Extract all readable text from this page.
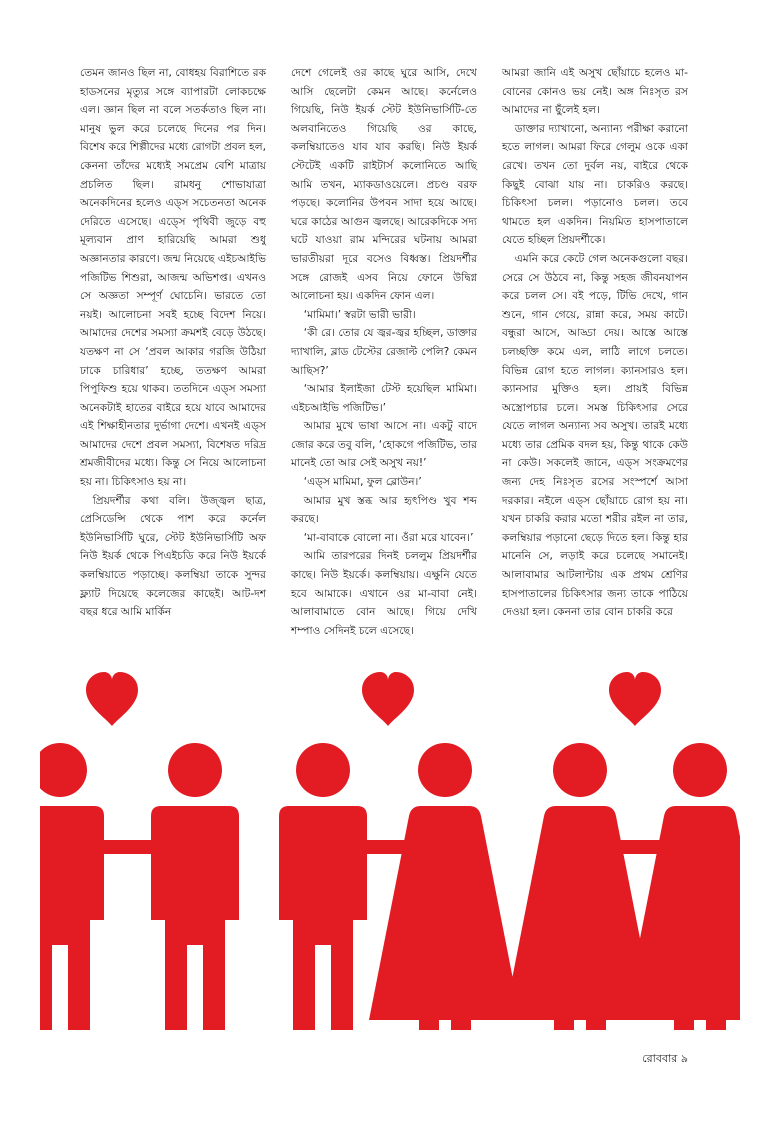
তেমন জানও ছিল না, বোধহয় বিরাশিতে রক হাডসনের মৃত্যুর সঙ্গে ব্যাপারটা লোকচক্ষে এল। জ্ঞান ছিল না বলে সতর্কতাও ছিল না। মানুষ ভুল করে চলেছে দিনের পর দিন। বিশেষ করে শিল্পীদের মধ্যে রোগটা প্রবল হল, কেননা তাঁদের মধ্যেই সমপ্রেম বেশি মাত্রায় প্রচলিত ছিল। রামধনু শোভাযাত্রা অনেকদিনের হলেও এড্স সচেতনতা অনেক দেরিতে এসেছে। এড্সে পৃথিবী জুড়ে বহু মূল্যবান প্রাণ হারিয়েছি আমরা শুধু অজ্ঞানতার কারণে। জন্ম নিয়েছে এইচআইভি পজিটিভ শিশুরা, আজন্ম অভিশপ্ত। এখনও সে অজ্ঞতা সম্পূর্ণ ঘোচেনি। ভারতে তো নয়ই। আলোচনা সবই হচ্ছে বিদেশ নিয়ে। আমাদের দেশের সমস্যা ক্রমশই বেড়ে উঠছে। যতক্ষণ না সে ‘প্রবল আকার গরজি উঠিয়া ঢাকে চারিধার’ হচ্ছে, ততক্ষণ আমরা পিপুফিশু হয়ে থাকব। ততদিনে এড্স সমস্যা অনেকটাই হাতের বাইরে হয়ে যাবে আমাদের এই শিক্ষাহীনতার দুর্ভাগা দেশে। এখনই এড্স আমাদের দেশে প্রবল সমস্যা, বিশেষত দরিদ্র শ্রমজীবীদের মধ্যে। কিন্তু সে নিয়ে আলোচনা হয় না। চিকিৎসাও হয় না।

প্রিয়দর্শীর কথা বলি। উজ্জ্বল ছাত্র, প্রেসিডেন্সি থেকে পাশ করে কর্নেল ইউনিভার্সিটি ঘুরে, স্টেট ইউনিভার্সিটি অফ নিউ ইয়র্ক থেকে পিএইচডি করে নিউ ইয়র্কে কলম্বিয়াতে পড়াচ্ছে। কলম্বিয়া তাকে সুন্দর ফ্ল্যাট দিয়েছে কলেজের কাছেই। আট-দশ বছর ধরে আমি মার্কিন

দেশে গেলেই ওর কাছে ঘুরে আসি, দেখে আসি ছেলেটা কেমন আছে। কর্নেলেও গিয়েছি, নিউ ইয়র্ক স্টেট ইউনিভার্সিটি-তে অলবানিতেও গিয়েছি ওর কাছে, কলম্বিয়াতেও যাব যাব করছি। নিউ ইয়র্ক স্টেটেই একটি রাইটার্স কলোনিতে আছি আমি তখন, ম্যাকডাওয়েলে। প্রচণ্ড বরফ পড়ছে। কলোনির উপবন সাদা হয়ে আছে। ঘরে কাঠের আগুন জ্বলছে। আরেকদিকে সদ্য ঘটে যাওয়া রাম মন্দিরের ঘটনায় আমরা ভারতীয়রা দূরে বসেও বিধ্বস্ত। প্রিয়দর্শীর সঙ্গে রোজই এসব নিয়ে ফোনে উদ্বিগ্ন আলোচনা হয়। একদিন ফোন এল।

‘মামিমা।’ স্বরটা ভারী ভারী।

‘কী রে। তোর যে জ্বর-জ্বর হচ্ছিল, ডাক্তার দ্যাখালি, ব্লাড টেস্টের রেজাল্ট পেলি? কেমন আছিস?’

‘আমার ইলাইজা টেস্ট হয়েছিল মামিমা। এইচআইভি পজিটিভ।’

আমার মুখে ভাষা আসে না। একটু বাদে জোর করে তবু বলি, ‘হোকগে পজিটিভ, তার মানেই তো আর সেই অসুখ নয়!’

‘এড্স মামিমা, ফুল ব্লোউন।’

আমার মুখ স্তব্ধ আর হৃৎপিণ্ড খুব শব্দ করছে।

‘মা-বাবাকে বোলো না। ওঁরা মরে যাবেন।’

আমি তারপরের দিনই চললুম প্রিয়দর্শীর কাছে। নিউ ইয়র্কে। কলম্বিয়ায়। এক্ষুনি যেতে হবে আমাকে। এখানে ওর মা-বাবা নেই। আলাবামাতে বোন আছে। গিয়ে দেখি শম্পাও সেদিনই চলে এসেছে।

আমরা জানি এই অসুখ ছোঁয়াচে হলেও মা-বোনের কোনও ভয় নেই। অঙ্গ নিঃসৃত রস আমাদের না ছুঁলেই হল।

ডাক্তার দ্যাখানো, অন্যান্য পরীক্ষা করানো হতে লাগল। আমরা ফিরে গেলুম ওকে একা রেখে। তখন তো দুর্বল নয়, বাইরে থেকে কিছুই বোঝা যায় না। চাকরিও করছে। চিকিৎসা চলল। পড়ানোও চলল। তবে থামতে হল একদিন। নিয়মিত হাসপাতালে যেতে হচ্ছিল প্রিয়দর্শীকে।

এমনি করে কেটে গেল অনেকগুলো বছর। সেরে সে উঠবে না, কিন্তু সহজ জীবনযাপন করে চলল সে। বই পড়ে, টিভি দেখে, গান শুনে, গান গেয়ে, রান্না করে, সময় কাটে। বন্ধুরা আসে, আড্ডা দেয়। আস্তে আস্তে চলচ্ছক্তি কমে এল, লাঠি লাগে চলতে। বিভিন্ন রোগ হতে লাগল। ক্যানসারও হল। ক্যানসার মুক্তিও হল। প্রায়ই বিভিন্ন অস্ত্রোপচার চলে। সমস্ত চিকিৎসার সেরে যেতে লাগল অন্যান্য সব অসুখ। তারই মধ্যে মধ্যে তার প্রেমিক বদল হয়, কিন্তু থাকে কেউ না কেউ। সকলেই জানে, এড্স সংক্রমণের জন্য দেহ নিঃসৃত রসের সংস্পর্শে আসা দরকার। নইলে এড্স ছোঁয়াচে রোগ হয় না। যখন চাকরি করার মতো শরীর রইল না তার, কলম্বিয়ার পড়ানো ছেড়ে দিতে হল। কিন্তু হার মানেনি সে, লড়াই করে চলেছে সমানেই। আলাবামার আটলান্টায় এক প্রথম শ্রেণির হাসপাতালের চিকিৎসার জন্য তাকে পাঠিয়ে দেওয়া হল। কেননা তার বোন চাকরি করে

রোববার ৯
